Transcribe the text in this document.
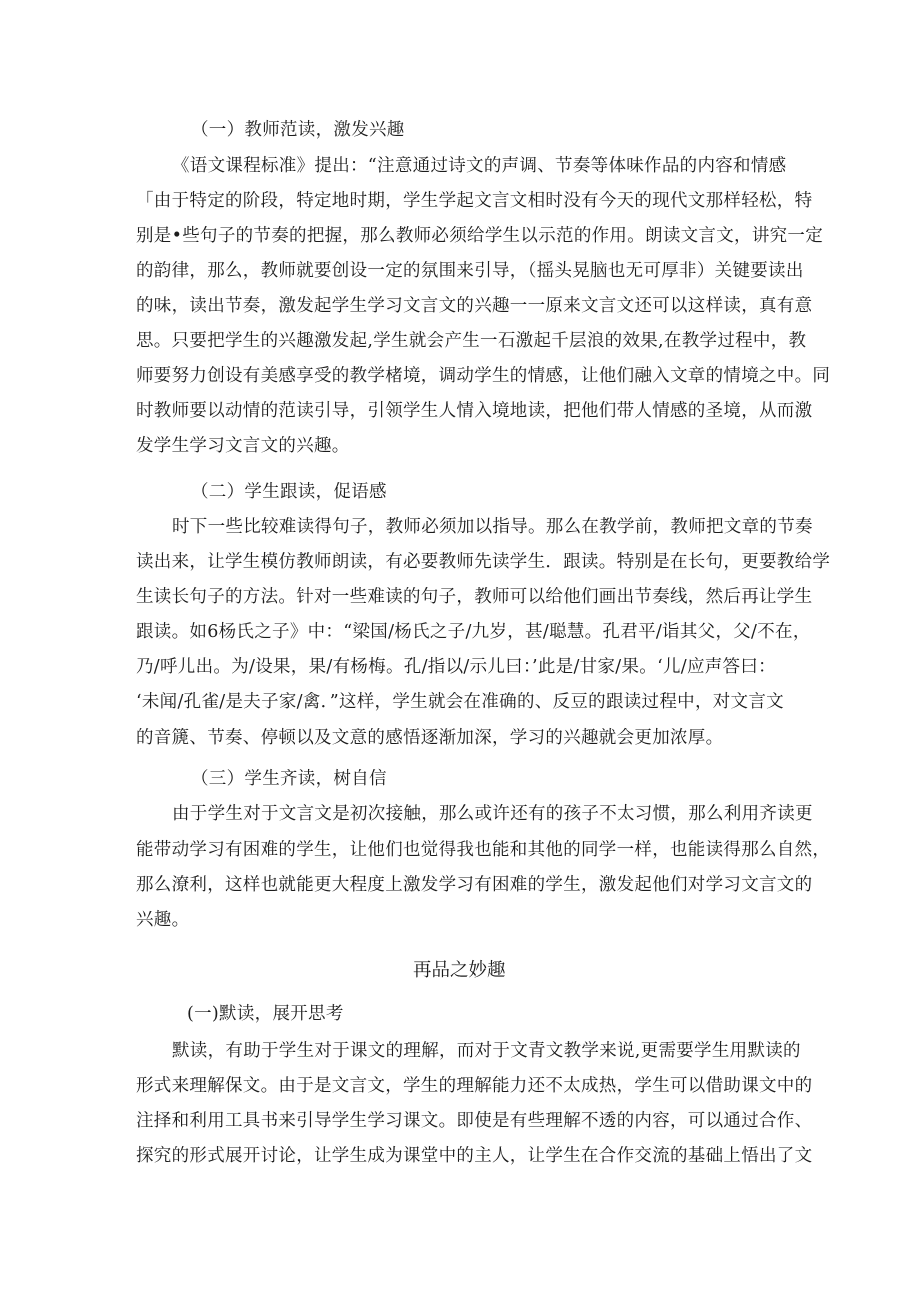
（一）教师范读，激发兴趣
《语文课程标准》提出：“注意通过诗文的声调、节奏等体味作品的内容和情感
「由于特定的阶段，特定地时期，学生学起文言文相时没有今天的现代文那样轻松，特
别是•些句子的节奏的把握，那么教师必须给学生以示范的作用。朗读文言文，讲究一定
的韵律，那么，教师就要创设一定的氛围来引导，（摇头晃脑也无可厚非）关键要读出
的味，读出节奏，激发起学生学习文言文的兴趣一一原来文言文还可以这样读，真有意
思。只要把学生的兴趣激发起,学生就会产生一石激起千层浪的效果,在教学过程中，教
师要努力创设有美感享受的教学楮境，调动学生的情感，让他们融入文章的情境之中。同
时教师要以动情的范读引导，引领学生人情入境地读，把他们带人情感的圣境，从而激
发学生学习文言文的兴趣。
（二）学生跟读，促语感
时下一些比较难读得句子，教师必须加以指导。那么在教学前，教师把文章的节奏
读出来，让学生模仿教师朗读，有必要教师先读学生．跟读。特别是在长句，更要教给学
生读长句子的方法。针对一些难读的句子，教师可以给他们画出节奏线，然后再让学生
跟读。如6杨氏之子》中：“梁国/杨氏之子/九岁，甚/聪慧。孔君平/诣其父，父/不在，
乃/呼儿出。为/设果，果/有杨梅。孔/指以/示儿曰：’此是/甘家/果。‘儿/应声答曰：
‘未闻/孔雀/是夫子家/禽．”这样，学生就会在准确的、反豆的跟读过程中，对文言文
的音篪、节奏、停顿以及文意的感悟逐渐加深，学习的兴趣就会更加浓厚。
（三）学生齐读，树自信
由于学生对于文言文是初次接触，那么或许还有的孩子不太习惯，那么利用齐读更
能带动学习有困难的学生，让他们也觉得我也能和其他的同学一样，也能读得那么自然，
那么潦利，这样也就能更大程度上激发学习有困难的学生，激发起他们对学习文言文的
兴趣。
再品之妙趣
(一)默读，展开思考
默读，有助于学生对于课文的理解，而对于文青文教学来说,更需要学生用默读的
形式来理解保文。由于是文言文，学生的理解能力还不太成热，学生可以借助课文中的
注择和利用工具书来引导学生学习课文。即使是有些理解不透的内容，可以通过合作、
探究的形式展开讨论，让学生成为课堂中的主人，让学生在合作交流的基础上悟出了文
